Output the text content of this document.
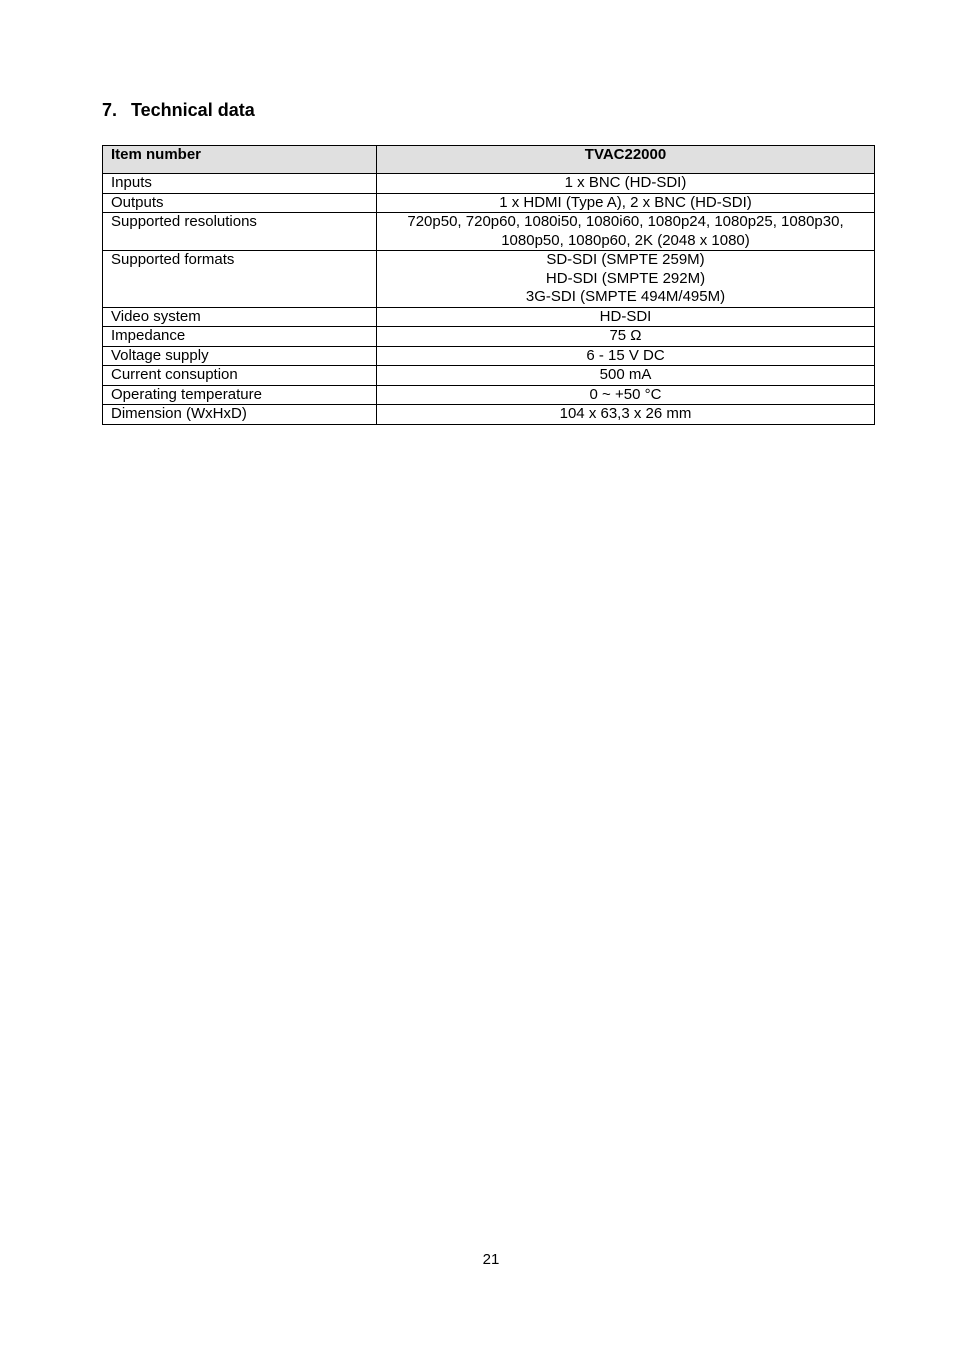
7. Technical data
Item number	TVAC22000
Inputs	1 x BNC (HD-SDI)

Outputs	1 x HDMI (Type A), 2 x BNC (HD-SDI)

Supported resolutions	720p50, 720p60, 1080i50, 1080i60, 1080p24, 1080p25, 1080p30,
1080p50, 1080p60, 2K (2048 x 1080)

Supported formats	SD-SDI (SMPTE 259M)
HD-SDI (SMPTE 292M)
3G-SDI (SMPTE 494M/495M)

Video system	HD-SDI

Impedance	75 Ω

Voltage supply	6 - 15 V DC

Current consuption	500 mA

Operating temperature	0 ~ +50 °C

Dimension (WxHxD)	104 x 63,3 x 26 mm
21
